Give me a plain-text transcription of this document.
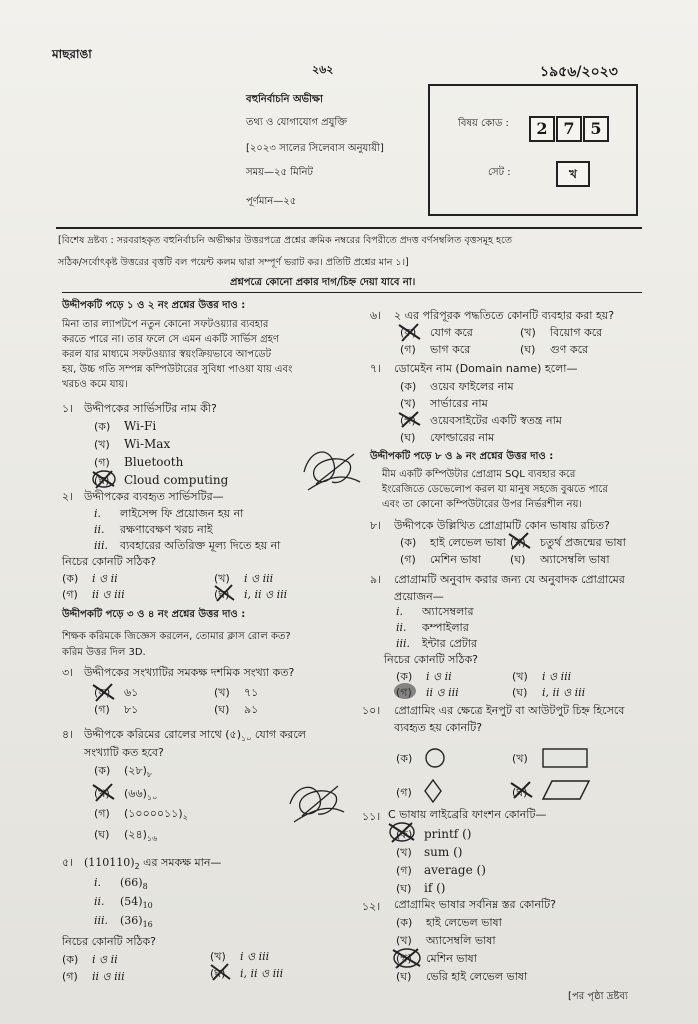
মাছরাঙা
২৬২	১৯৫৬/২০২৩
বহুনির্বাচনি অভীক্ষা
তথ্য ও যোগাযোগ প্রযুক্তি
[২০২৩ সালের সিলেবাস অনুযায়ী]
সময়—২৫ মিনিট
পূর্ণমান—২৫
বিষয় কোড :	2 7 5
সেট :	খ
[বিশেষ দ্রষ্টব্য : সরবরাহকৃত বহুনির্বাচনি অভীক্ষার উত্তরপত্রে প্রশ্নের ক্রমিক নম্বরের বিপরীতে প্রদত্ত বর্ণসম্বলিত বৃত্তসমূহ হতে
সঠিক/সর্বোৎকৃষ্ট উত্তরের বৃত্তটি বল পয়েন্ট কলম দ্বারা সম্পূর্ণ ভরাট কর। প্রতিটি প্রশ্নের মান ১।]
প্রশ্নপত্রে কোনো প্রকার দাগ/চিহ্ন দেয়া যাবে না।
উদ্দীপকটি পড়ে ১ ও ২ নং প্রশ্নের উত্তর দাও :
মিনা তার ল্যাপটপে নতুন কোনো সফটওয়্যার ব্যবহার
করতে পারে না। তার ফলে সে এমন একটি সার্ভিস গ্রহণ
করল যার মাধ্যমে সফটওয়্যার স্বয়ংক্রিয়ভাবে আপডেট
হয়, উচ্চ গতি সম্পন্ন কম্পিউটারের সুবিধা পাওয়া যায় এবং
খরচও কমে যায়।
১। উদ্দীপকের সার্ভিসটির নাম কী?
(ক) Wi-Fi
(খ) Wi-Max
(গ) Bluetooth
(ঘ) Cloud computing
২। উদ্দীপকের ব্যবহৃত সার্ভিসটির—
i. লাইসেন্স ফি প্রয়োজন হয় না
ii. রক্ষণাবেক্ষণ খরচ নাই
iii. ব্যবহারের অতিরিক্ত মূল্য দিতে হয় না
নিচের কোনটি সঠিক?
(ক) i ও ii	(খ) i ও iii
(গ) ii ও iii	(ঘ) i, ii ও iii
উদ্দীপকটি পড়ে ৩ ও ৪ নং প্রশ্নের উত্তর দাও :
শিক্ষক করিমকে জিজ্ঞেস করলেন, তোমার ক্লাস রোল কত?
করিম উত্তর দিল 3D.
৩। উদ্দীপকের সংখ্যাটির সমকক্ষ দশমিক সংখ্যা কত?
(ক) ৬১	(খ) ৭১
(গ) ৮১	(ঘ) ৯১
৪। উদ্দীপকে করিমের রোলের সাথে $(৫)_{১০}$ যোগ করলে
সংখ্যাটি কত হবে?
(ক) $(২৮)_৮$
(খ) $(৬৬)_{১০}$
(গ) $(১০০০০১১)_২$
(ঘ) $(২৪)_{১৬}$
৫। $(110110)_2$ এর সমকক্ষ মান—
i. $(66)_8$
ii. $(54)_{10}$
iii. $(36)_{16}$
নিচের কোনটি সঠিক?
(ক) i ও ii	(খ) i ও iii
(গ) ii ও iii	(ঘ) i, ii ও iii
৬। ২ এর পরিপূরক পদ্ধতিতে কোনটি ব্যবহার করা হয়?
(ক) যোগ করে	(খ) বিয়োগ করে
(গ) ভাগ করে	(ঘ) গুণ করে
৭। ডোমেইন নাম (Domain name) হলো—
(ক) ওয়েব ফাইলের নাম
(খ) সার্ভারের নাম
(গ) ওয়েবসাইটের একটি স্বতন্ত্র নাম
(ঘ) ফোল্ডারের নাম
উদ্দীপকটি পড়ে ৮ ও ৯ নং প্রশ্নের উত্তর দাও :
মীম একটি কম্পিউটার প্রোগ্রাম SQL ব্যবহার করে
ইংরেজিতে ডেভেলোপ করল যা মানুষ সহজে বুঝতে পারে
এবং তা কোনো কম্পিউটারের উপর নির্ভরশীল নয়।
৮। উদ্দীপকে উল্লিখিত প্রোগ্রামটি কোন ভাষায় রচিত?
(ক) হাই লেভেল ভাষা (খ) চতুর্থ প্রজন্মের ভাষা
(গ) মেশিন ভাষা	(ঘ) অ্যাসেম্বলি ভাষা
৯। প্রোগ্রামটি অনুবাদ করার জন্য যে অনুবাদক প্রোগ্রামের
প্রয়োজন—
i. অ্যাসেম্বলার
ii. কম্পাইলার
iii. ইন্টার প্রেটার
নিচের কোনটি সঠিক?
(ক) i ও ii	(খ) i ও iii
ii ও iii	(ঘ) i, ii ও iii
১০। প্রোগ্রামিং এর ক্ষেত্রে ইনপুট বা আউটপুট চিহ্ন হিসেবে
ব্যবহৃত হয় কোনটি?
(ক)	(খ)
(গ)	(ঘ)
১১। C ভাষায় লাইব্রেরি ফাংশন কোনটি—
(ক) printf ()
(খ) sum ()
(গ) average ()
(ঘ) if ()
১২। প্রোগ্রামিং ভাষার সর্বনিম্ন স্তর কোনটি?
(ক) হাই লেভেল ভাষা
(খ) অ্যাসেম্বলি ভাষা
(গ) মেশিন ভাষা
(ঘ) ভেরি হাই লেভেল ভাষা
[পর পৃষ্ঠা দ্রষ্টব্য
